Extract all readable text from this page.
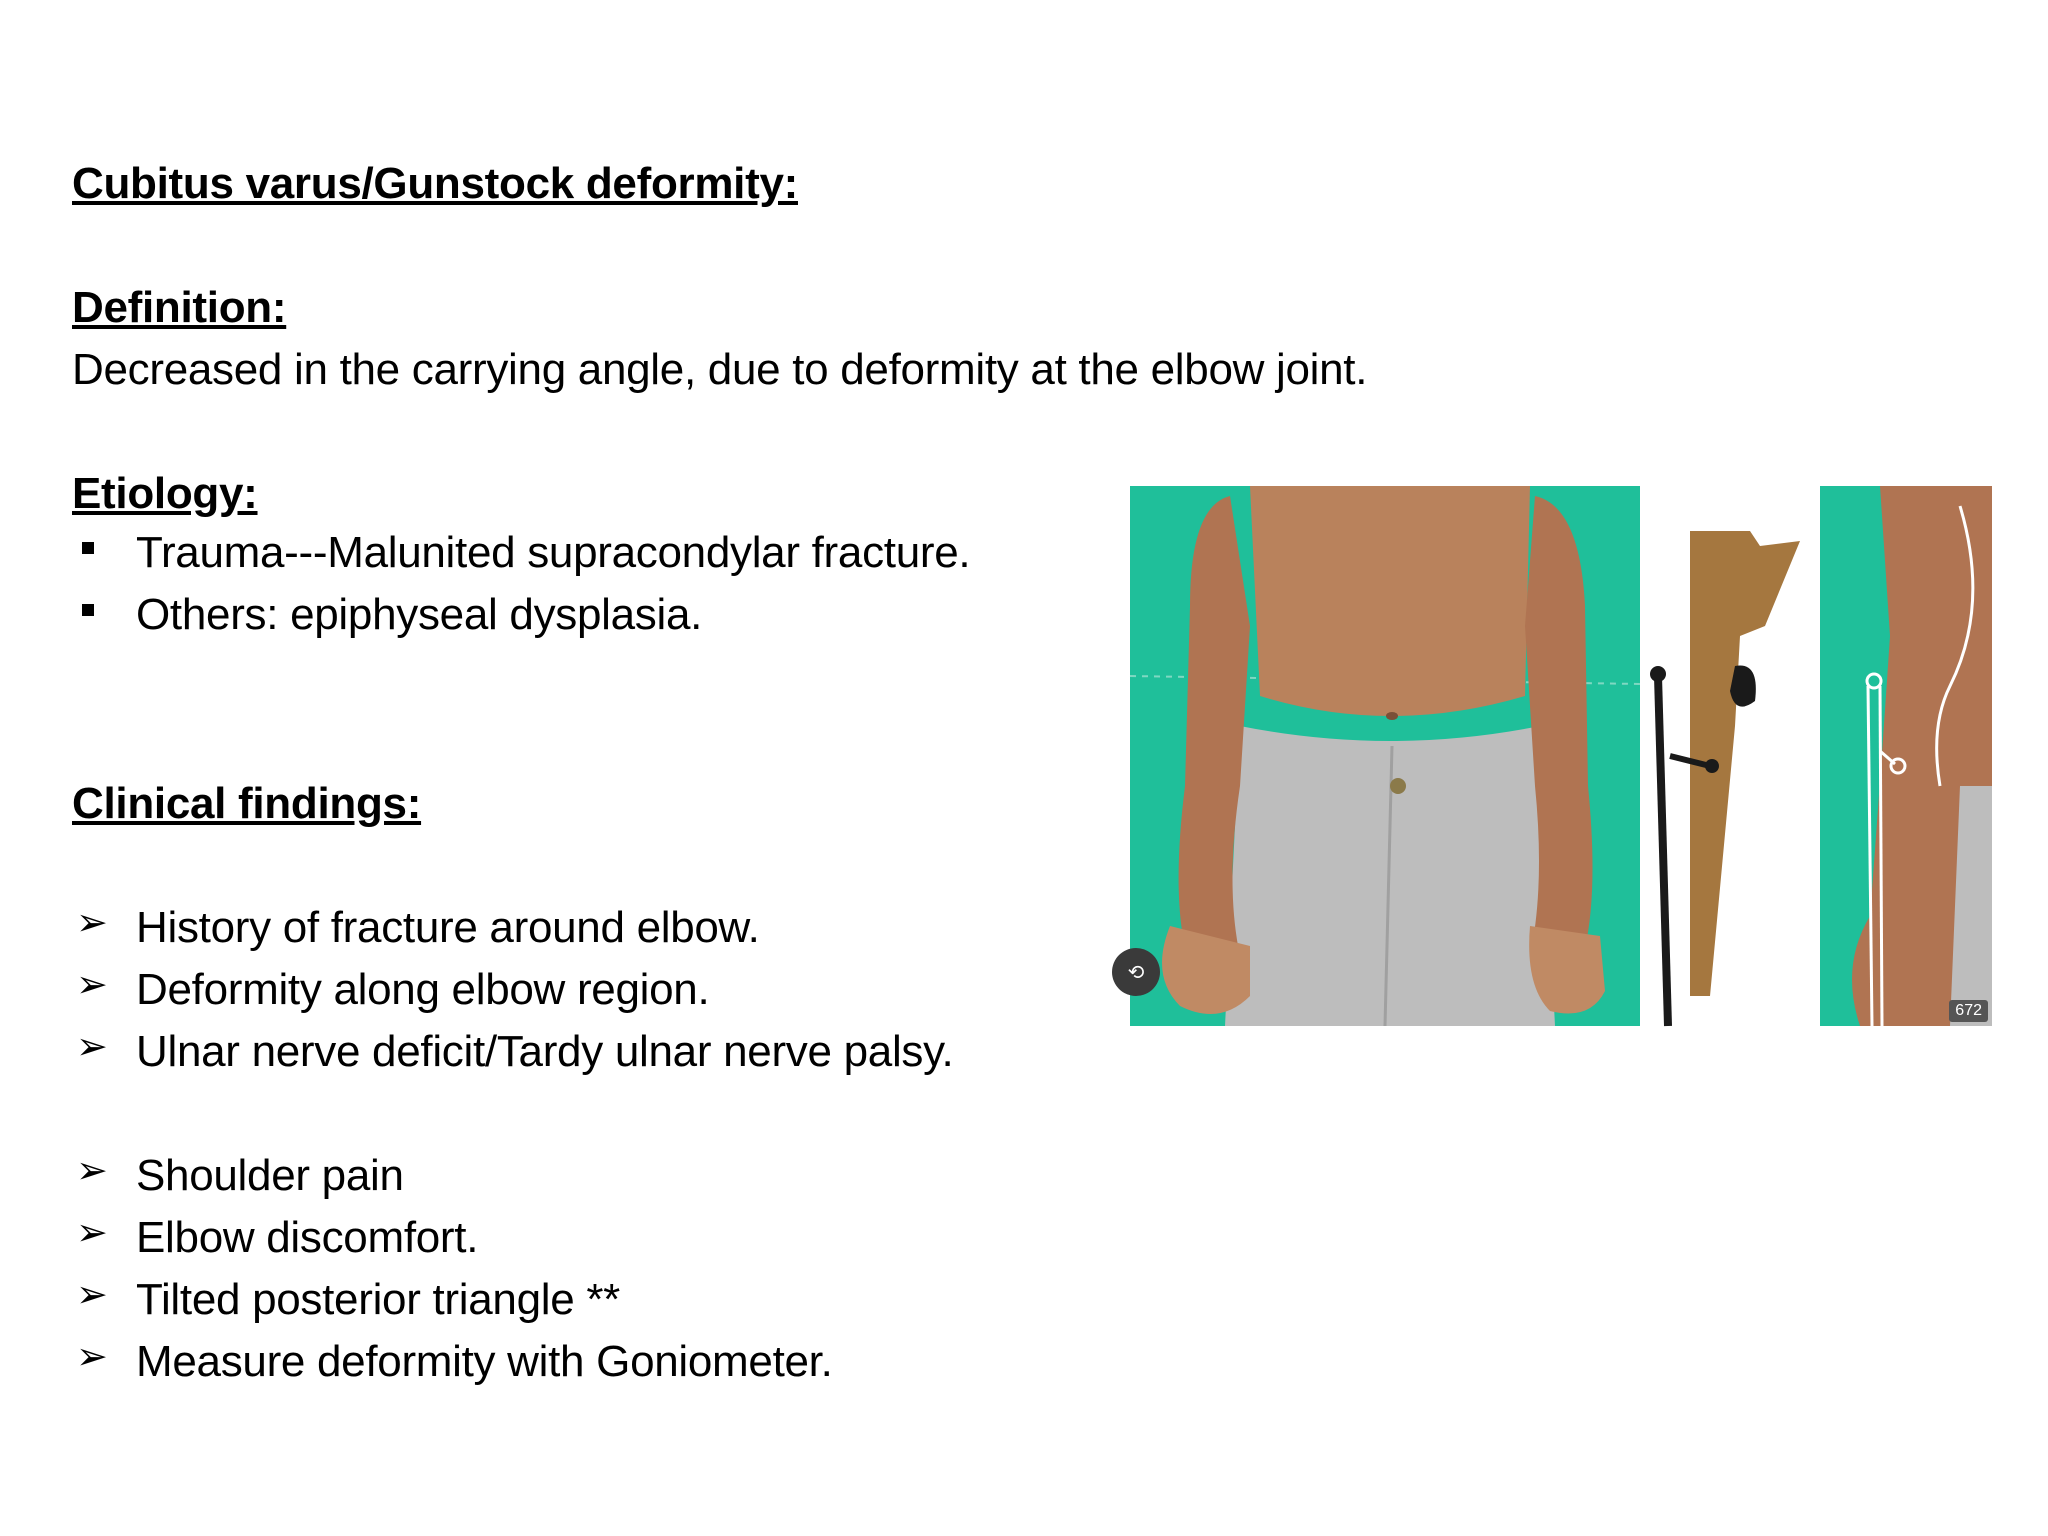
Cubitus varus/Gunstock deformity:
Definition:
Decreased in the carrying angle, due to deformity at the elbow joint.
Etiology:
Trauma---Malunited supracondylar fracture.
Others: epiphyseal dysplasia.
Clinical findings:
➢ History of fracture around elbow.
➢ Deformity along elbow region.
➢ Ulnar nerve deficit/Tardy ulnar nerve palsy.
➢ Shoulder pain
➢ Elbow discomfort.
➢ Tilted posterior triangle **
➢ Measure deformity with Goniometer.
⟲
672
